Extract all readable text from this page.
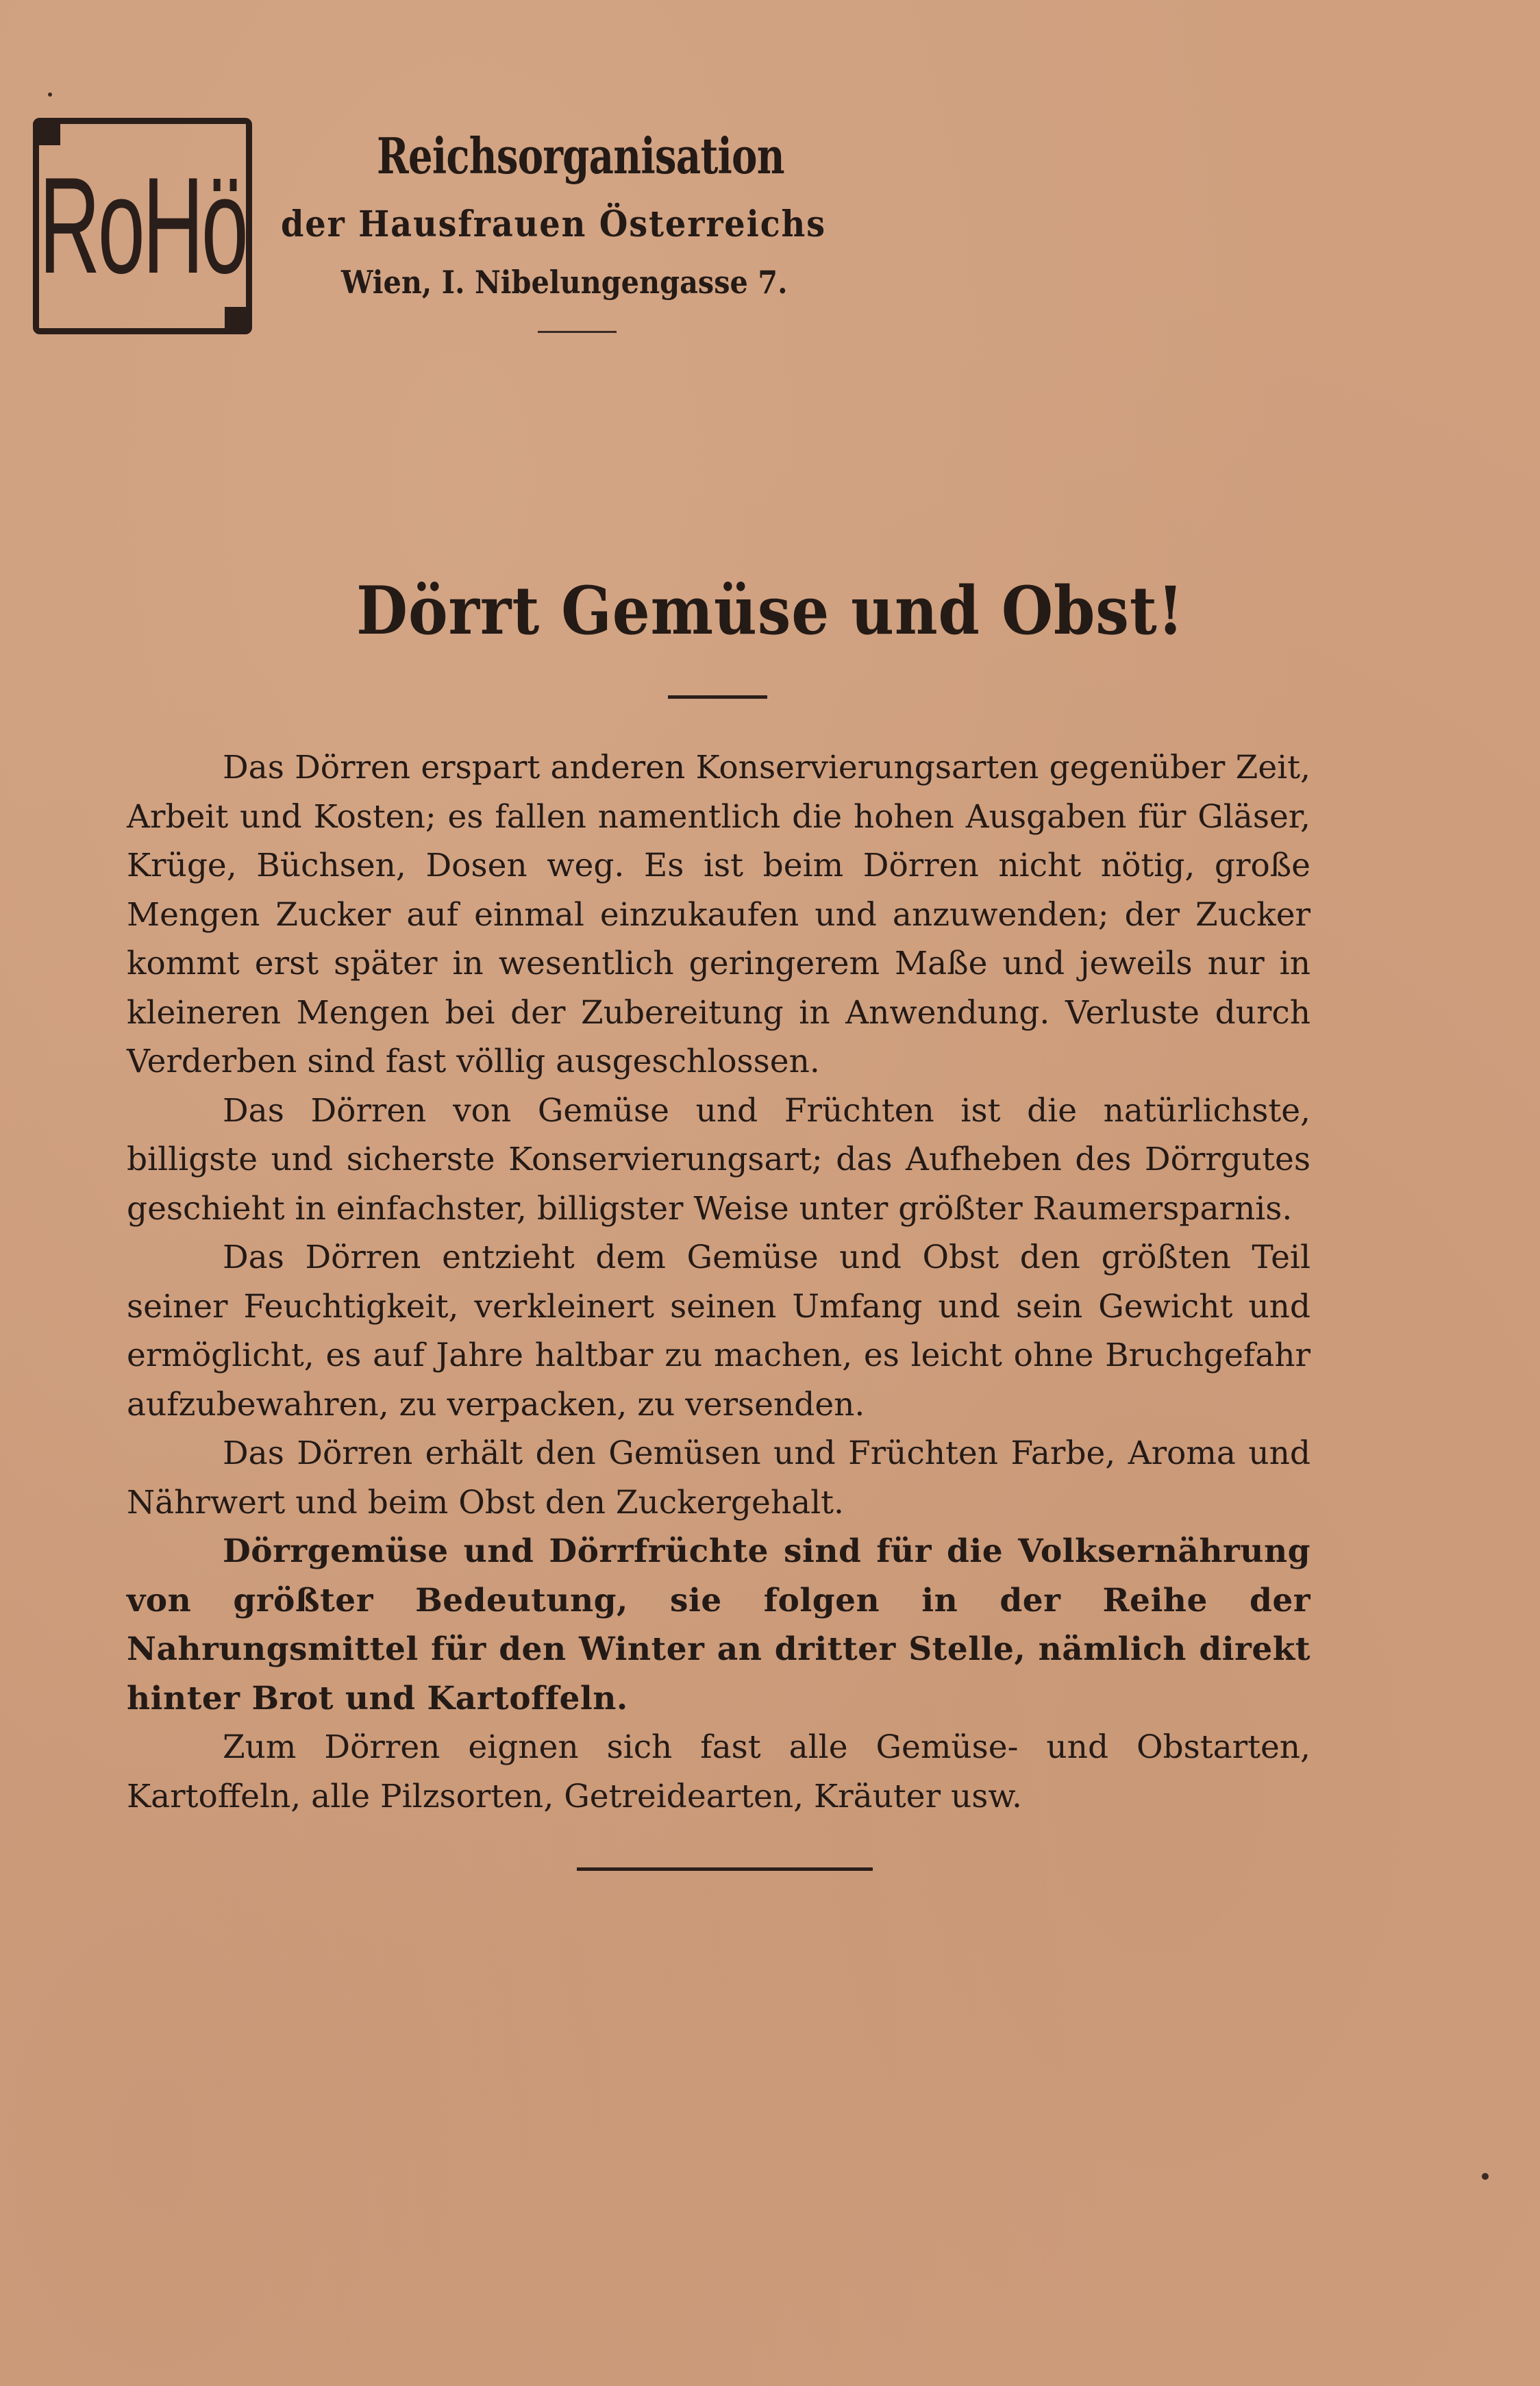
RoHö	Reichsorganisation
der Hausfrauen Österreichs
Wien, I. Nibelungengasse 7.
Dörrt Gemüse und Obst!

Das Dörren erspart anderen Konservierungsarten gegenüber Zeit, Arbeit und Kosten; es fallen namentlich die hohen Ausgaben für Gläser, Krüge, Büchsen, Dosen weg. Es ist beim Dörren nicht nötig, große Mengen Zucker auf einmal einzukaufen und anzuwenden; der Zucker kommt erst später in wesentlich geringerem Maße und jeweils nur in kleineren Mengen bei der Zubereitung in Anwendung. Verluste durch Verderben sind fast völlig ausgeschlossen.

Das Dörren von Gemüse und Früchten ist die natürlichste, billigste und sicherste Konservierungsart; das Aufheben des Dörrgutes geschieht in einfachster, billigster Weise unter größter Raumersparnis.

Das Dörren entzieht dem Gemüse und Obst den größten Teil seiner Feuchtigkeit, verkleinert seinen Umfang und sein Gewicht und ermöglicht, es auf Jahre haltbar zu machen, es leicht ohne Bruchgefahr aufzubewahren, zu verpacken, zu versenden.

Das Dörren erhält den Gemüsen und Früchten Farbe, Aroma und Nährwert und beim Obst den Zuckergehalt.

Dörrgemüse und Dörrfrüchte sind für die Volksernährung von größter Bedeutung, sie folgen in der Reihe der Nahrungsmittel für den Winter an dritter Stelle, nämlich direkt hinter Brot und Kartoffeln.

Zum Dörren eignen sich fast alle Gemüse- und Obstarten, Kartoffeln, alle Pilzsorten, Getreidearten, Kräuter usw.
